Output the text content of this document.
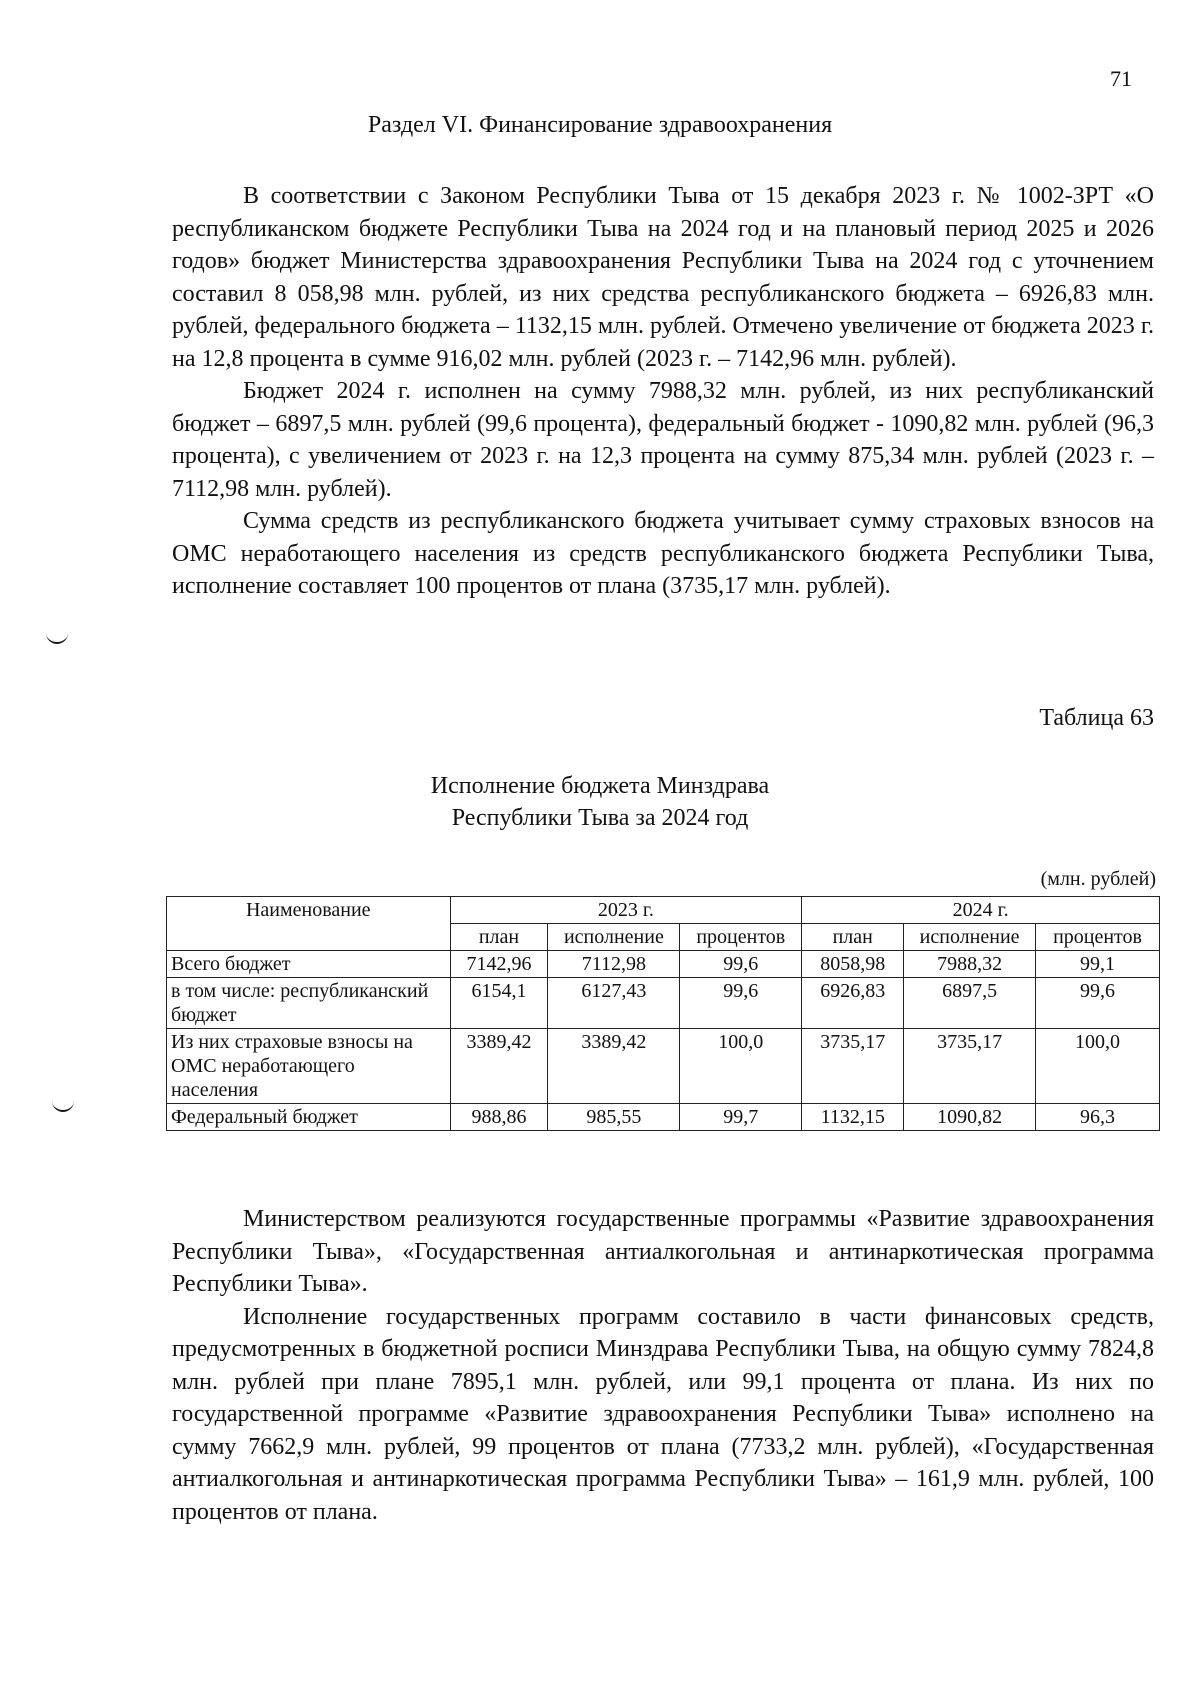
71
Раздел VI. Финансирование здравоохранения

В соответствии с Законом Республики Тыва от 15 декабря 2023 г. № 1002-ЗРТ «О республиканском бюджете Республики Тыва на 2024 год и на плановый период 2025 и 2026 годов» бюджет Министерства здравоохранения Республики Тыва на 2024 год с уточнением составил 8 058,98 млн. рублей, из них средства республиканского бюджета – 6926,83 млн. рублей, федерального бюджета – 1132,15 млн. рублей. Отмечено увеличение от бюджета 2023 г. на 12,8 процента в сумме 916,02 млн. рублей (2023 г. – 7142,96 млн. рублей).

Бюджет 2024 г. исполнен на сумму 7988,32 млн. рублей, из них республиканский бюджет – 6897,5 млн. рублей (99,6 процента), федеральный бюджет - 1090,82 млн. рублей (96,3 процента), с увеличением от 2023 г. на 12,3 процента на сумму 875,34 млн. рублей (2023 г. – 7112,98 млн. рублей).

Сумма средств из республиканского бюджета учитывает сумму страховых взносов на ОМС неработающего населения из средств республиканского бюджета Республики Тыва, исполнение составляет 100 процентов от плана (3735,17 млн. рублей).

Таблица 63
Исполнение бюджета Минздрава
Республики Тыва за 2024 год
(млн. рублей)
Наименование	2023 г.			2024 г.		
	план	исполнение	процентов	план	исполнение	процентов
Всего бюджет	7142,96	7112,98	99,6	8058,98	7988,32	99,1
в том числе: республиканский бюджет	6154,1	6127,43	99,6	6926,83	6897,5	99,6
Из них страховые взносы на ОМС неработающего населения	3389,42	3389,42	100,0	3735,17	3735,17	100,0
Федеральный бюджет	988,86	985,55	99,7	1132,15	1090,82	96,3

Министерством реализуются государственные программы «Развитие здравоохранения Республики Тыва», «Государственная антиалкогольная и антинаркотическая программа Республики Тыва».

Исполнение государственных программ составило в части финансовых средств, предусмотренных в бюджетной росписи Минздрава Республики Тыва, на общую сумму 7824,8 млн. рублей при плане 7895,1 млн. рублей, или 99,1 процента от плана. Из них по государственной программе «Развитие здравоохранения Республики Тыва» исполнено на сумму 7662,9 млн. рублей, 99 процентов от плана (7733,2 млн. рублей), «Государственная антиалкогольная и антинаркотическая программа Республики Тыва» – 161,9 млн. рублей, 100 процентов от плана.
